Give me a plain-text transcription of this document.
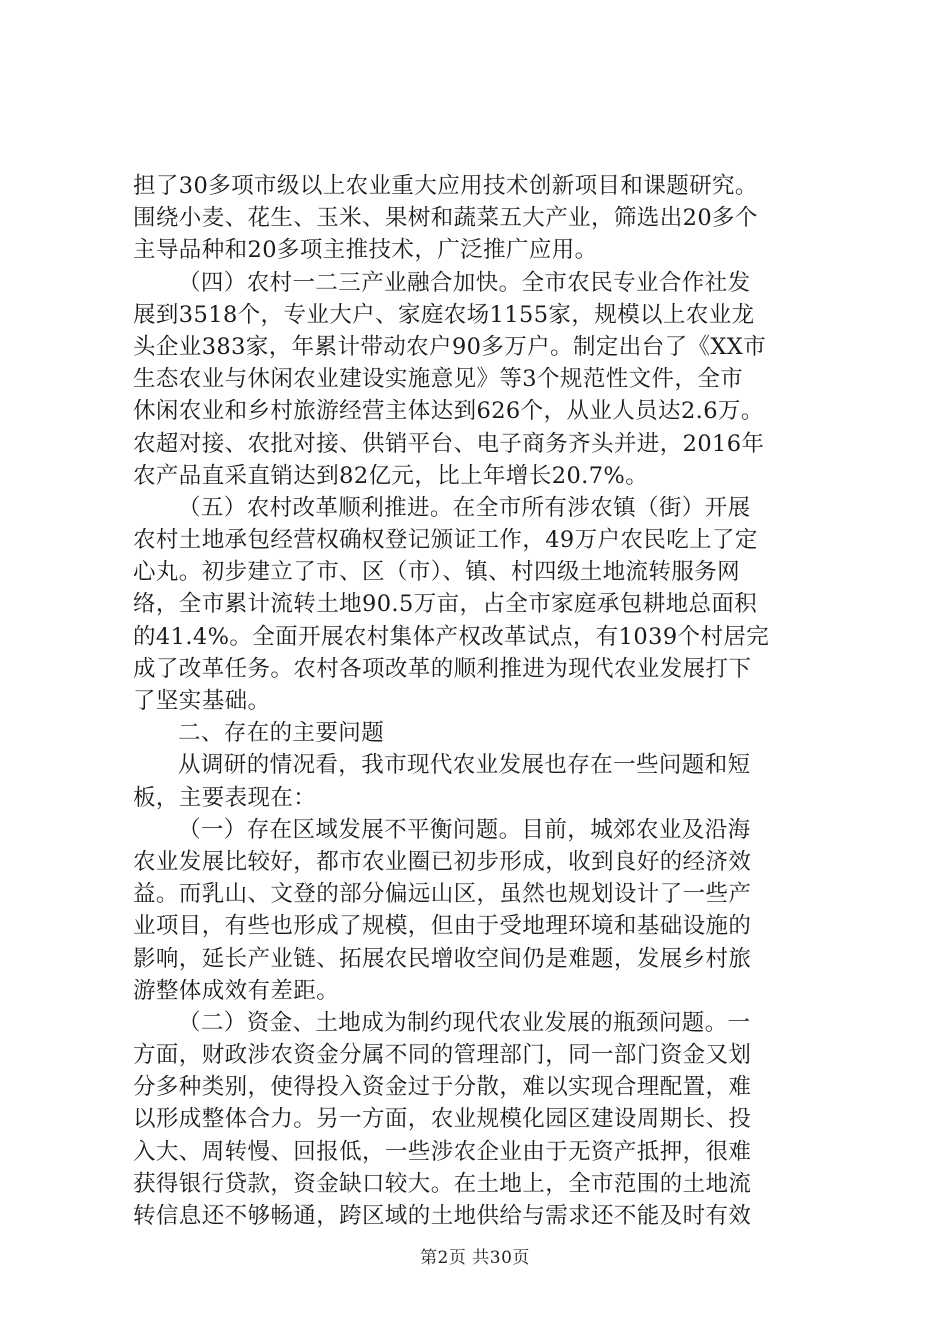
担了30多项市级以上农业重大应用技术创新项目和课题研究。
围绕小麦、花生、玉米、果树和蔬菜五大产业，筛选出20多个
主导品种和20多项主推技术，广泛推广应用。
（四）农村一二三产业融合加快。全市农民专业合作社发
展到3518个，专业大户、家庭农场1155家，规模以上农业龙
头企业383家，年累计带动农户90多万户。制定出台了《XX市
生态农业与休闲农业建设实施意见》等3个规范性文件，全市
休闲农业和乡村旅游经营主体达到626个，从业人员达2.6万。
农超对接、农批对接、供销平台、电子商务齐头并进，2016年
农产品直采直销达到82亿元，比上年增长20.7%。
（五）农村改革顺利推进。在全市所有涉农镇（街）开展
农村土地承包经营权确权登记颁证工作，49万户农民吃上了定
心丸。初步建立了市、区（市）、镇、村四级土地流转服务网
络，全市累计流转土地90.5万亩，占全市家庭承包耕地总面积
的41.4%。全面开展农村集体产权改革试点，有1039个村居完
成了改革任务。农村各项改革的顺利推进为现代农业发展打下
了坚实基础。
二、存在的主要问题
从调研的情况看，我市现代农业发展也存在一些问题和短
板，主要表现在：
（一）存在区域发展不平衡问题。目前，城郊农业及沿海
农业发展比较好，都市农业圈已初步形成，收到良好的经济效
益。而乳山、文登的部分偏远山区，虽然也规划设计了一些产
业项目，有些也形成了规模，但由于受地理环境和基础设施的
影响，延长产业链、拓展农民增收空间仍是难题，发展乡村旅
游整体成效有差距。
（二）资金、土地成为制约现代农业发展的瓶颈问题。一
方面，财政涉农资金分属不同的管理部门，同一部门资金又划
分多种类别，使得投入资金过于分散，难以实现合理配置，难
以形成整体合力。另一方面，农业规模化园区建设周期长、投
入大、周转慢、回报低，一些涉农企业由于无资产抵押，很难
获得银行贷款，资金缺口较大。在土地上，全市范围的土地流
转信息还不够畅通，跨区域的土地供给与需求还不能及时有效
第2页 共30页
